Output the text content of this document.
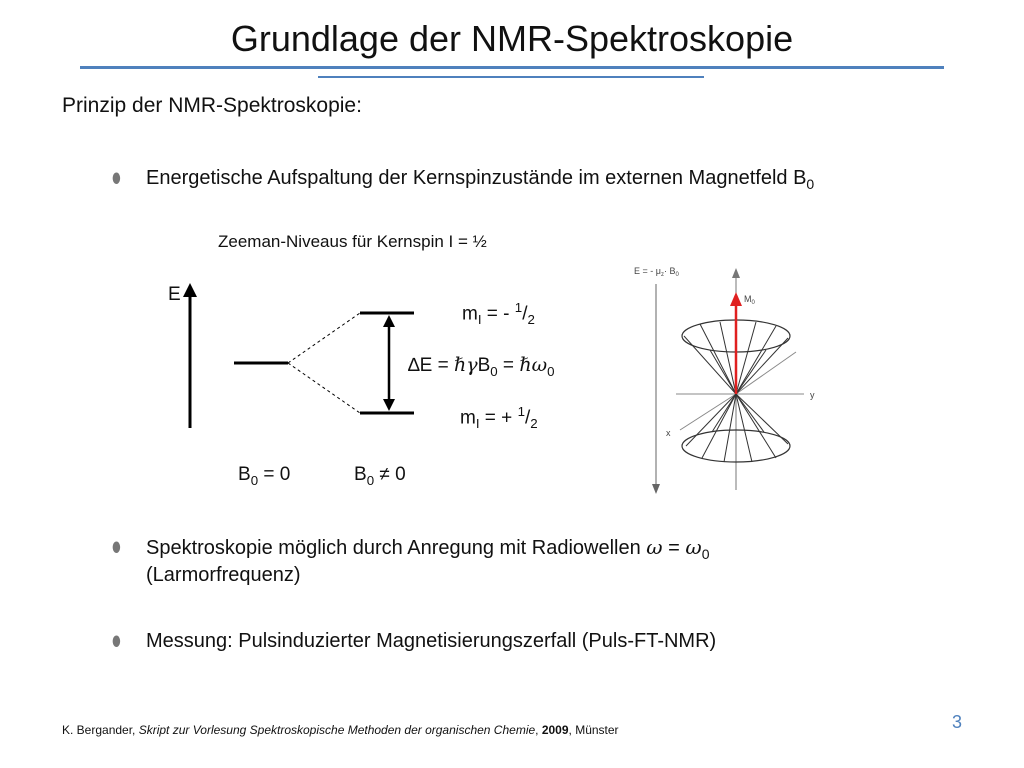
Grundlage der NMR-Spektroskopie
Prinzip der NMR-Spektroskopie:
⬮ Energetische Aufspaltung der Kernspinzustände im externen Magnetfeld $B_0$
Zeeman-Niveaus für Kernspin I = ½
E
$m_I$ = - $^1/_2$
∆E = ℏγB$_0$ = ℏω$_0$
$m_I$ = + $^1/_2$
$B_0 = 0$	$B_0 \ne 0$
E = - $\mu_z\cdot B_0$
$M_0$
y
x
⬮ Spektroskopie möglich durch Anregung mit Radiowellen $\omega = \omega_0$
(Larmorfrequenz)
⬮ Messung: Pulsinduzierter Magnetisierungszerfall (Puls-FT-NMR)
K. Bergander, Skript zur Vorlesung Spektroskopische Methoden der organischen Chemie, 2009, Münster	3
